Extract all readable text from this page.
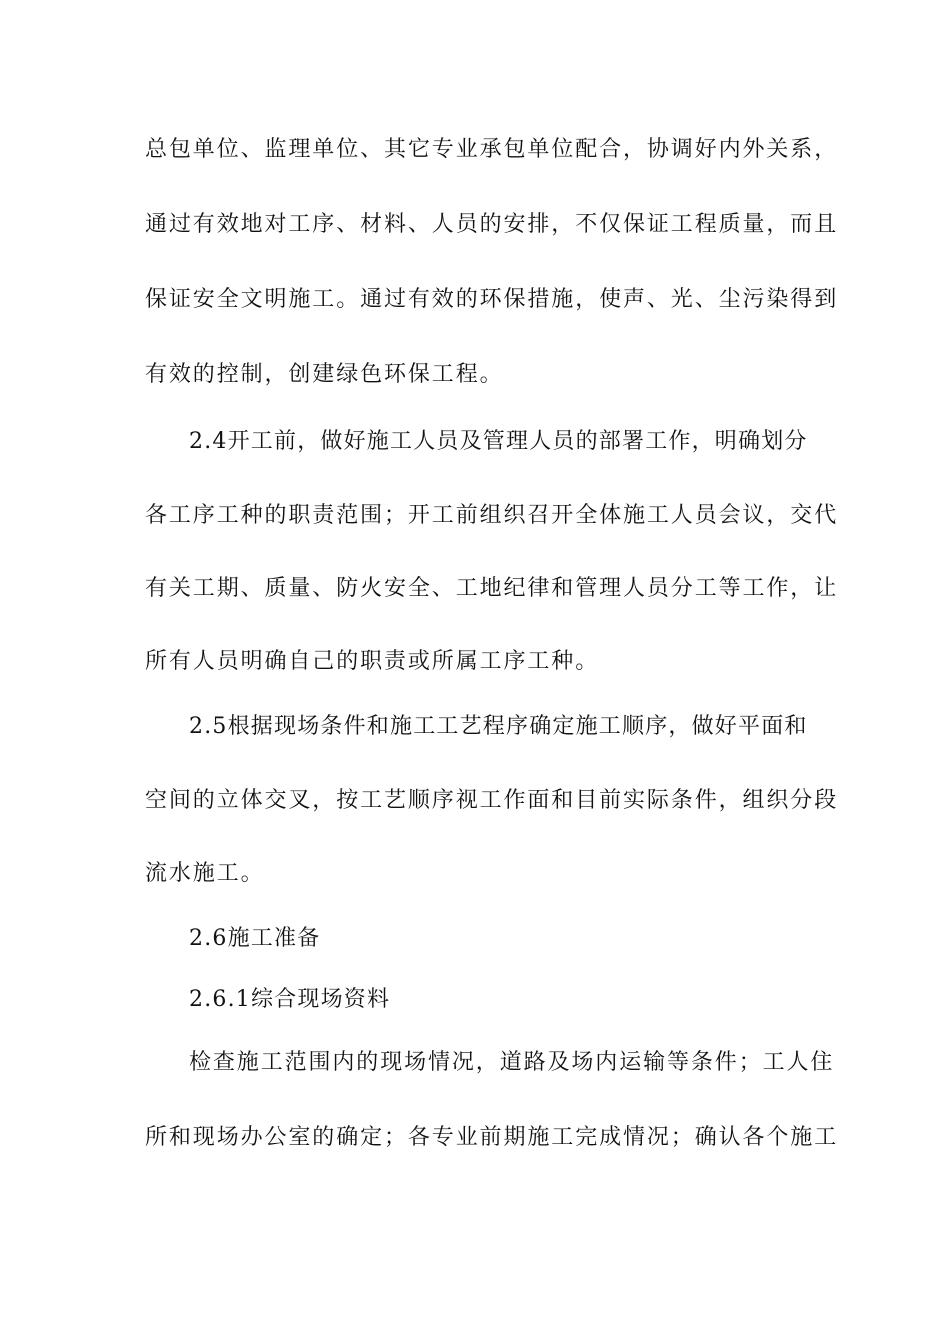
总包单位、监理单位、其它专业承包单位配合，协调好内外关系，

通过有效地对工序、材料、人员的安排，不仅保证工程质量，而且

保证安全文明施工。通过有效的环保措施，使声、光、尘污染得到

有效的控制，创建绿色环保工程。

2.4开工前，做好施工人员及管理人员的部署工作，明确划分

各工序工种的职责范围；开工前组织召开全体施工人员会议，交代

有关工期、质量、防火安全、工地纪律和管理人员分工等工作，让

所有人员明确自己的职责或所属工序工种。

2.5根据现场条件和施工工艺程序确定施工顺序，做好平面和

空间的立体交叉，按工艺顺序视工作面和目前实际条件，组织分段

流水施工。

2.6施工准备

2.6.1综合现场资料

检查施工范围内的现场情况，道路及场内运输等条件；工人住

所和现场办公室的确定；各专业前期施工完成情况；确认各个施工
